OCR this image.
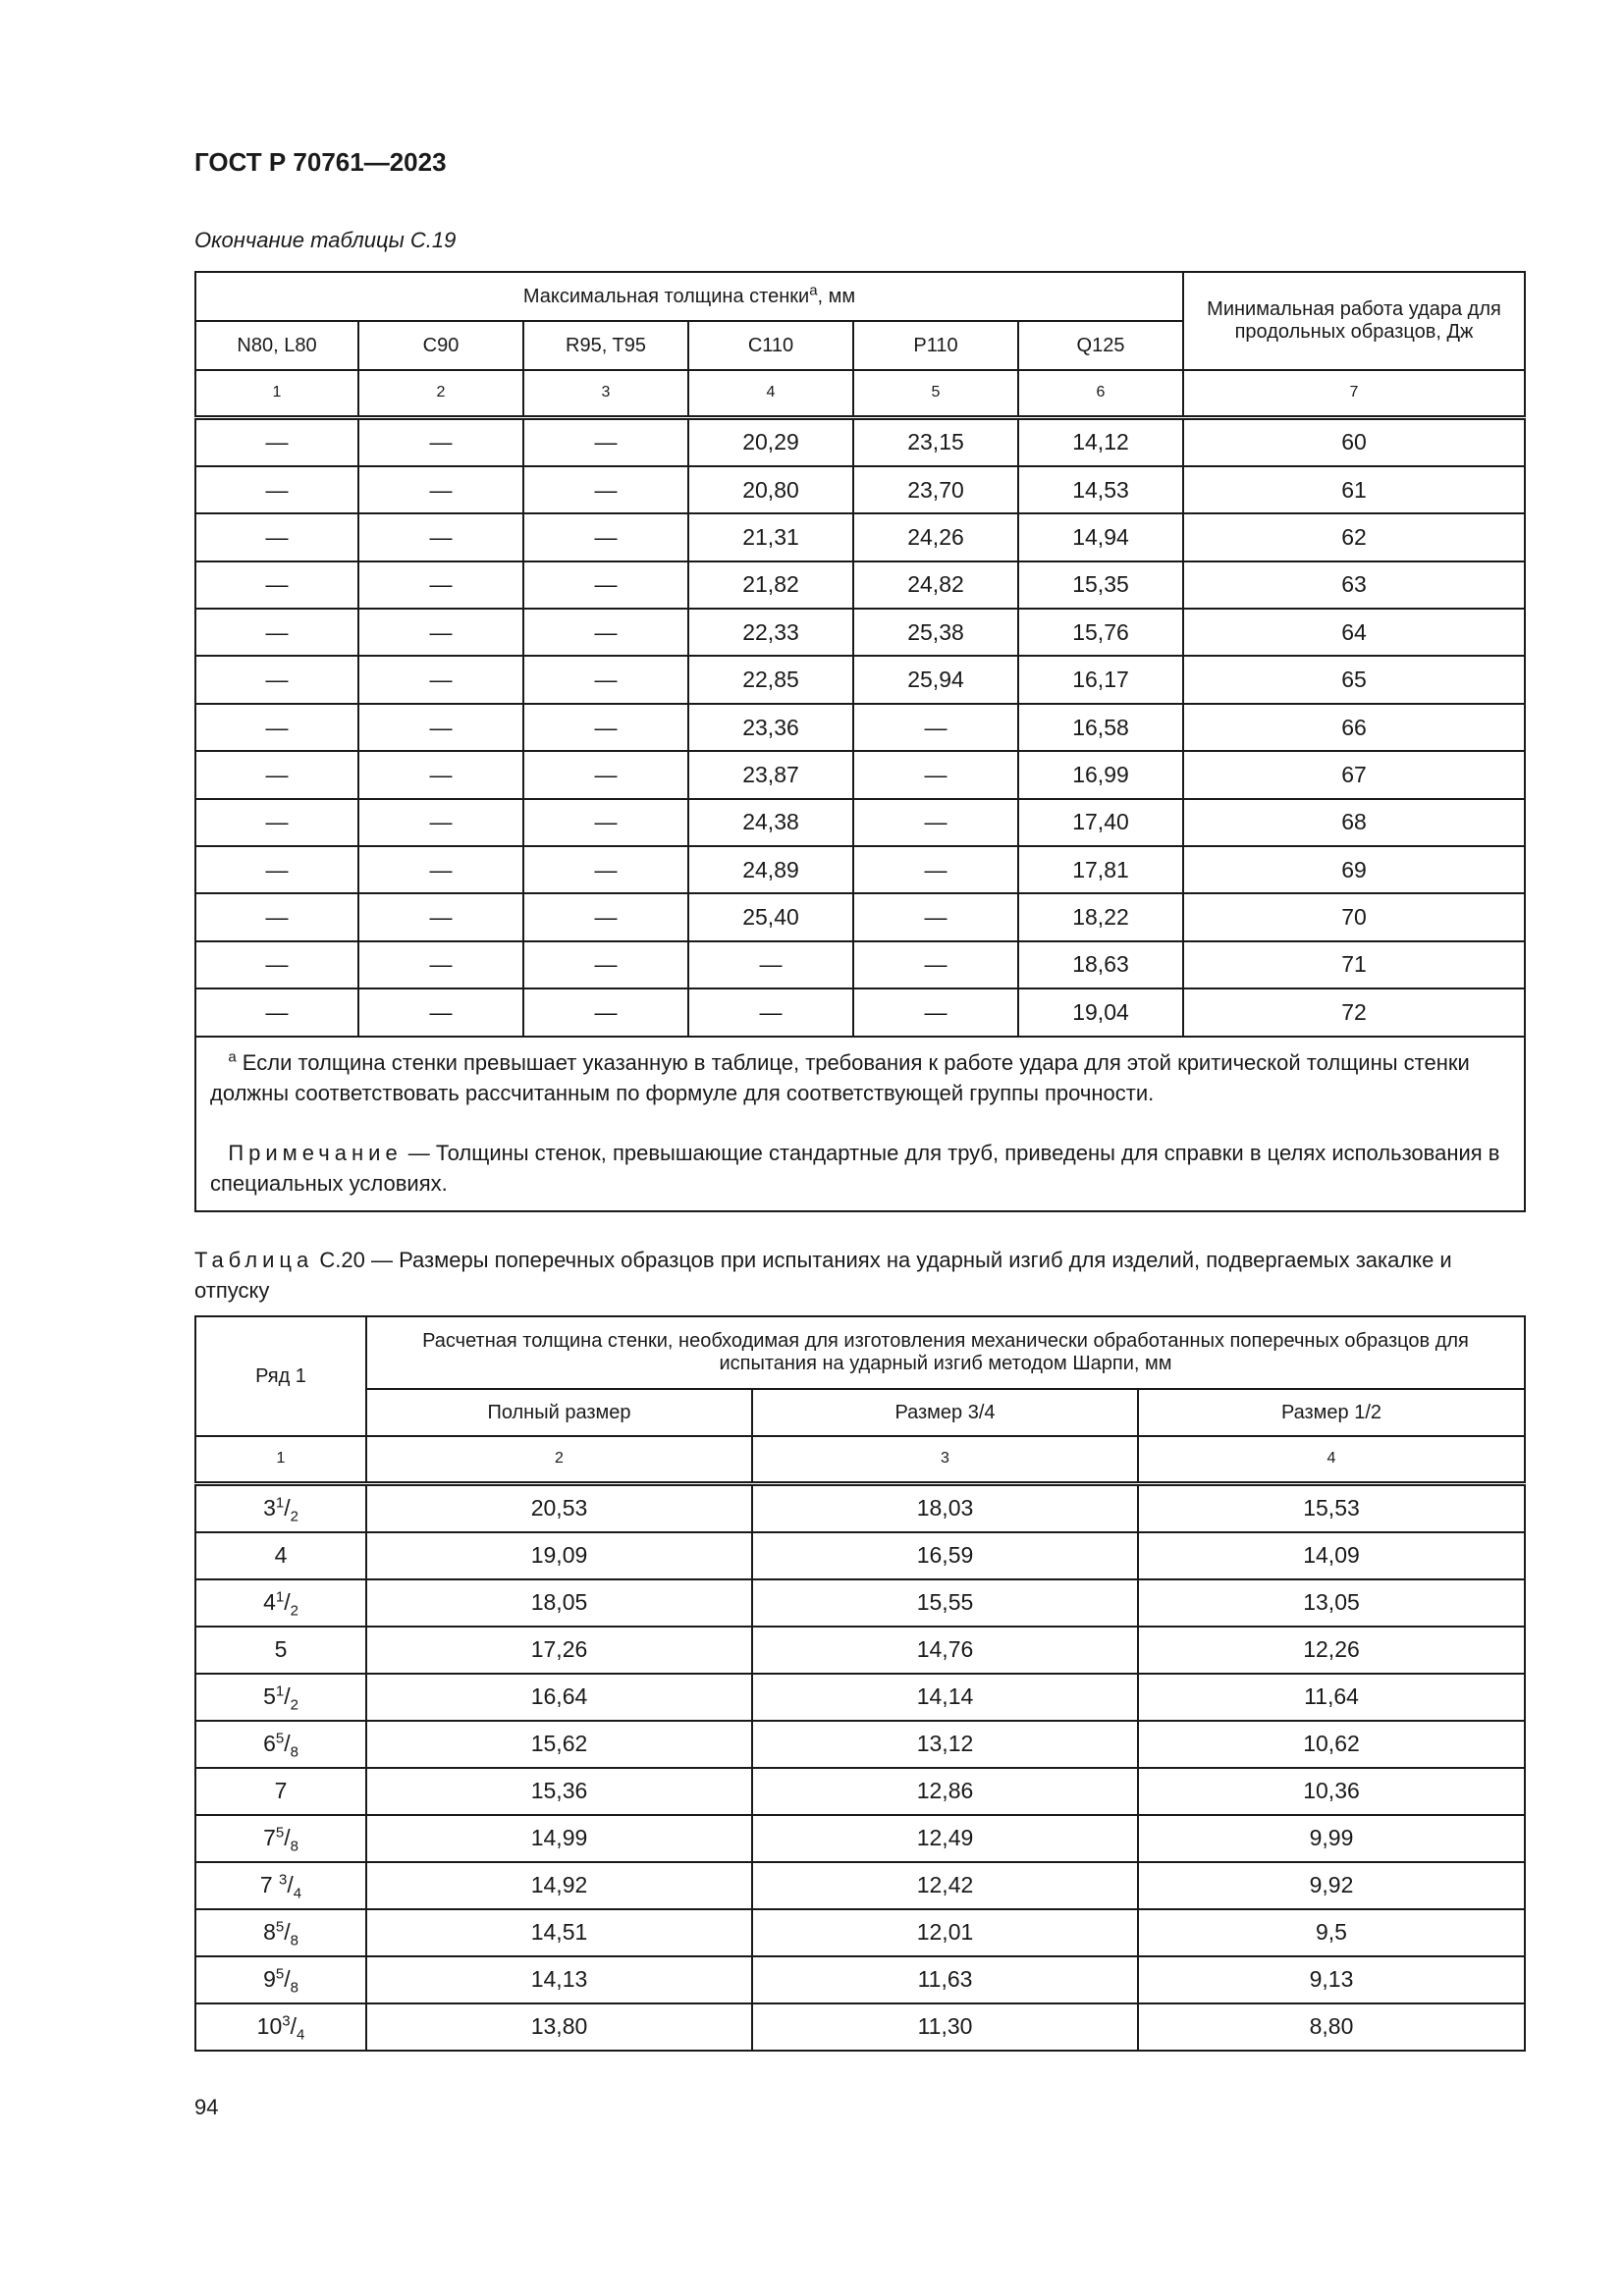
ГОСТ Р 70761—2023
Окончание таблицы С.19
Максимальная толщина стенки$^a$, мм						Минимальная работа удара для продольных образцов, Дж
N80, L80	C90	R95, T95	C110	P110	Q125	
1	2	3	4	5	6	7
—	—	—	20,29	23,15	14,12	60
—	—	—	20,80	23,70	14,53	61
—	—	—	21,31	24,26	14,94	62
—	—	—	21,82	24,82	15,35	63
—	—	—	22,33	25,38	15,76	64
—	—	—	22,85	25,94	16,17	65
—	—	—	23,36	—	16,58	66
—	—	—	23,87	—	16,99	67
—	—	—	24,38	—	17,40	68
—	—	—	24,89	—	17,81	69
—	—	—	25,40	—	18,22	70
—	—	—	—	—	18,63	71
—	—	—	—	—	19,04	72

$^a$ Если толщина стенки превышает указанную в таблице, требования к работе удара для этой критической толщины стенки должны соответствовать рассчитанным по формуле для соответствующей группы прочности.

Примечание — Толщины стенок, превышающие стандартные для труб, приведены для справки в целях использования в специальных условиях.						

Таблица С.20 — Размеры поперечных образцов при испытаниях на ударный изгиб для изделий, подвергаемых закалке и отпуску
Ряд 1	Расчетная толщина стенки, необходимая для изготовления механически обработанных поперечных образцов для испытания на ударный изгиб методом Шарпи, мм		
	Полный размер	Размер 3/4	Размер 1/2
1	2	3	4
$3^1/_2$	20,53	18,03	15,53
4	19,09	16,59	14,09
$4^1/_2$	18,05	15,55	13,05
5	17,26	14,76	12,26
$5^1/_2$	16,64	14,14	11,64
$6^5/_8$	15,62	13,12	10,62
7	15,36	12,86	10,36
$7^5/_8$	14,99	12,49	9,99
7 $^3/_4$	14,92	12,42	9,92
$8^5/_8$	14,51	12,01	9,5
$9^5/_8$	14,13	11,63	9,13
$10^3/_4$	13,80	11,30	8,80
94
